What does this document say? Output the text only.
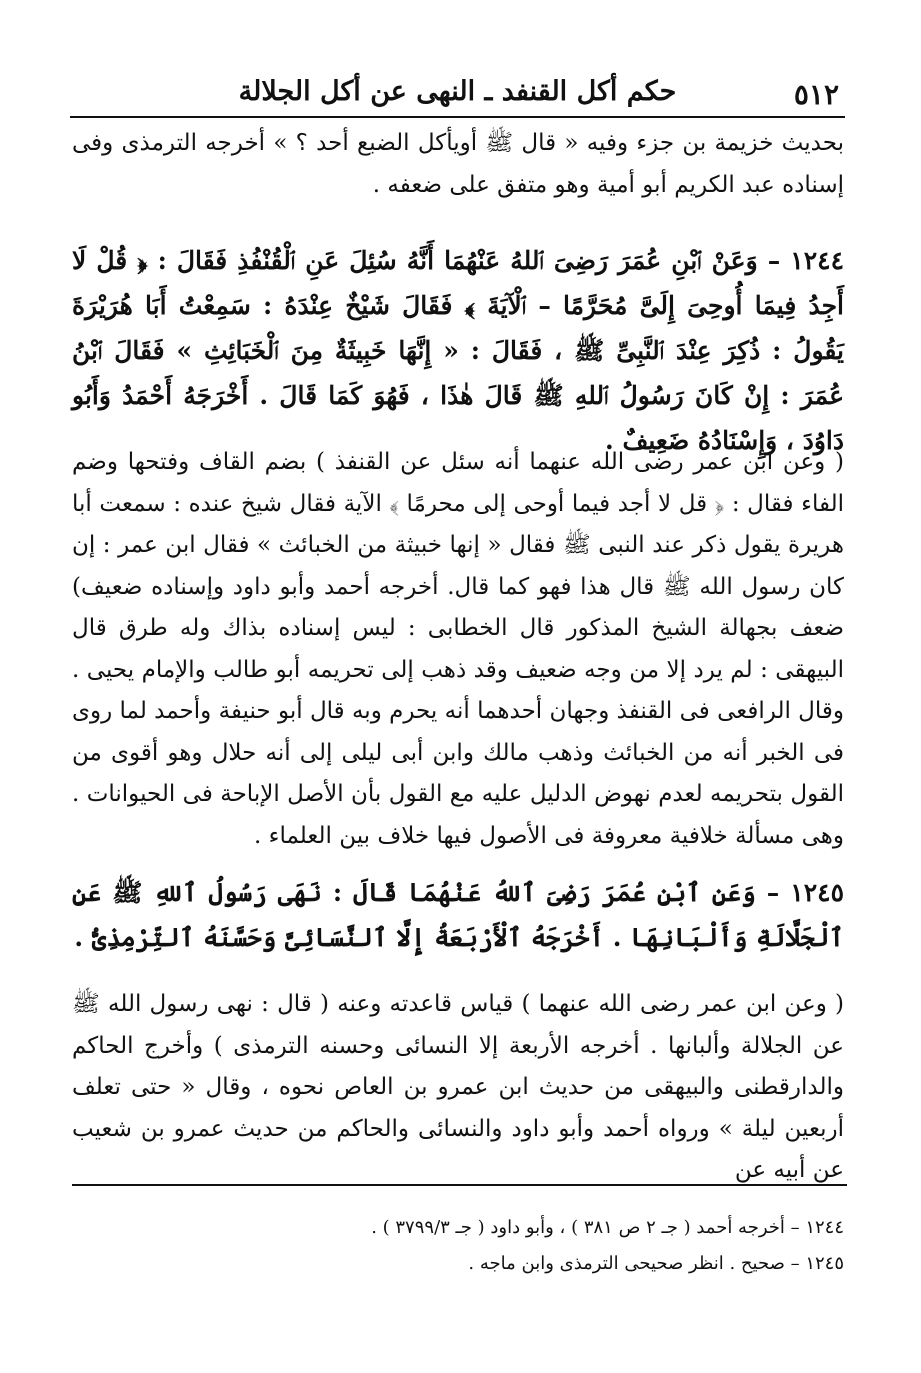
٥١٢
حكم أكل القنفد ـ النهى عن أكل الجلالة

بحديث خزيمة بن جزء وفيه « قال ﷺ أويأكل الضبع أحد ؟ » أخرجه الترمذى وفى إسناده عبد الكريم أبو أمية وهو متفق على ضعفه .

١٢٤٤ – وَعَنْ ٱبْنِ عُمَرَ رَضِىَ ٱللهُ عَنْهُمَا أَنَّهُ سُئِلَ عَنِ ٱلْقُنْفُذِ فَقَالَ : ﴿ قُلْ لَا أَجِدُ فِيمَا أُوحِىَ إِلَىَّ مُحَرَّمًا – ٱلْآيَةَ ﴾ فَقَالَ شَيْخٌ عِنْدَهُ : سَمِعْتُ أَبَا هُرَيْرَةَ يَقُولُ : ذُكِرَ عِنْدَ ٱلنَّبِىِّ ﷺ ، فَقَالَ : « إِنَّهَا خَبِيثَةٌ مِنَ ٱلْخَبَائِثِ » فَقَالَ ٱبْنُ عُمَرَ : إِنْ كَانَ رَسُولُ ٱللهِ ﷺ قَالَ هٰذَا ، فَهُوَ كَمَا قَالَ . أَخْرَجَهُ أَحْمَدُ وَأَبُو دَاوُدَ ، وَإِسْنَادُهُ ضَعِيفٌ .

( وعن ابن عمر رضى الله عنهما أنه سئل عن القنفذ ) بضم القاف وفتحها وضم الفاء فقال : ﴿ قل لا أجد فيما أوحى إلى محرمًا ﴾ الآية فقال شيخ عنده : سمعت أبا هريرة يقول ذكر عند النبى ﷺ فقال « إنها خبيثة من الخبائث » فقال ابن عمر : إن كان رسول الله ﷺ قال هذا فهو كما قال. أخرجه أحمد وأبو داود وإسناده ضعيف) ضعف بجهالة الشيخ المذكور قال الخطابى : ليس إسناده بذاك وله طرق قال البيهقى : لم يرد إلا من وجه ضعيف وقد ذهب إلى تحريمه أبو طالب والإمام يحيى . وقال الرافعى فى القنفذ وجهان أحدهما أنه يحرم وبه قال أبو حنيفة وأحمد لما روى فى الخبر أنه من الخبائث وذهب مالك وابن أبى ليلى إلى أنه حلال وهو أقوى من القول بتحريمه لعدم نهوض الدليل عليه مع القول بأن الأصل الإباحة فى الحيوانات . وهى مسألة خلافية معروفة فى الأصول فيها خلاف بين العلماء .

١٢٤٥ – وَعَنِ ٱبْنِ عُمَرَ رَضِىَ ٱللهُ عَنْهُمَا قَالَ : نَهَى رَسُولُ ٱللهِ ﷺ عَنِ ٱلْجَلَّالَةِ وَأَلْبَانِهَا . أَخْرَجَهُ ٱلْأَرْبَعَةُ إِلَّا ٱلنَّسَائِىَّ وَحَسَّنَهُ ٱلتِّرْمِذِىُّ .

( وعن ابن عمر رضى الله عنهما ) قياس قاعدته وعنه ( قال : نهى رسول الله ﷺ عن الجلالة وألبانها . أخرجه الأربعة إلا النسائى وحسنه الترمذى ) وأخرج الحاكم والدارقطنى والبيهقى من حديث ابن عمرو بن العاص نحوه ، وقال « حتى تعلف أربعين ليلة » ورواه أحمد وأبو داود والنسائى والحاكم من حديث عمرو بن شعيب عن أبيه عن

١٢٤٤ – أخرجه أحمد ( جـ ٢ ص ٣٨١ ) ، وأبو داود ( جـ ٣٧٩٩/٣ ) .
١٢٤٥ – صحيح . انظر صحيحى الترمذى وابن ماجه .
